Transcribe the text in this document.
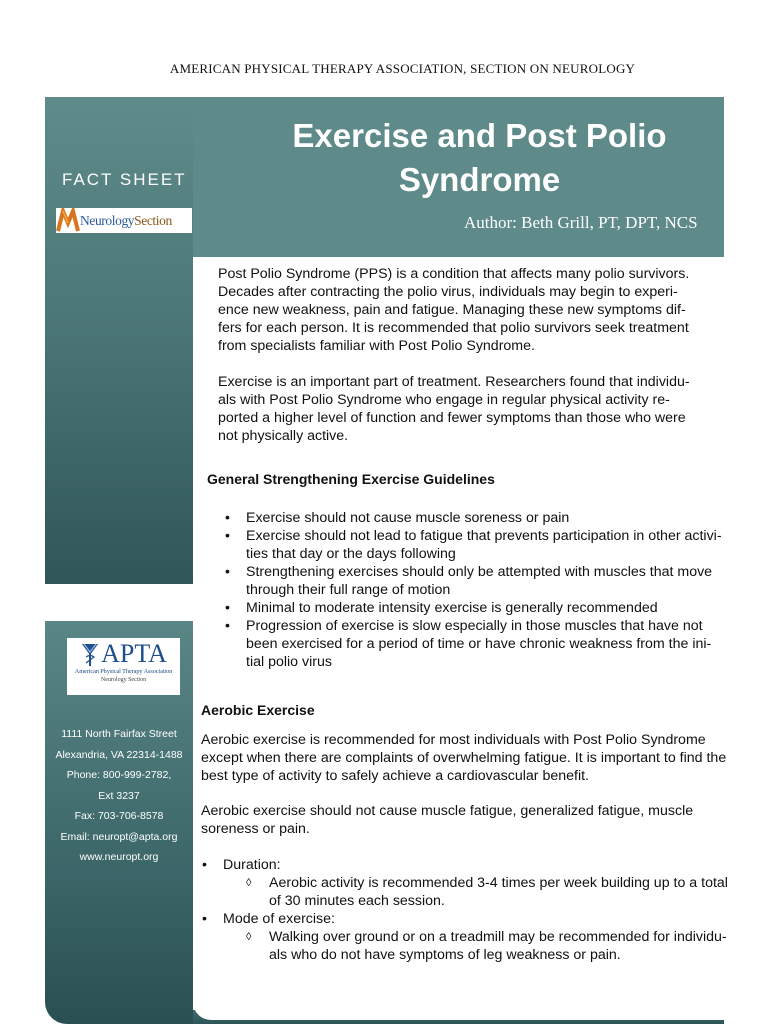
AMERICAN PHYSICAL THERAPY ASSOCIATION, SECTION ON NEUROLOGY
FACT SHEET
NeurologySection
Exercise and Post Polio
Syndrome
Author: Beth Grill, PT, DPT, NCS
APTA
American Physical Therapy Association
Neurology Section
1111 North Fairfax Street
Alexandria, VA 22314-1488
Phone: 800-999-2782,
Ext 3237
Fax: 703-706-8578
Email: neuropt@apta.org
www.neuropt.org

Post Polio Syndrome (PPS) is a condition that affects many polio survivors.

Decades after contracting the polio virus, individuals may begin to experi-

ence new weakness, pain and fatigue. Managing these new symptoms dif-

fers for each person. It is recommended that polio survivors seek treatment

from specialists familiar with Post Polio Syndrome.

Exercise is an important part of treatment. Researchers found that individu-

als with Post Polio Syndrome who engage in regular physical activity re-

ported a higher level of function and fewer symptoms than those who were

not physically active.

General Strengthening Exercise Guidelines
• Exercise should not cause muscle soreness or pain
• Exercise should not lead to fatigue that prevents participation in other activi-
ties that day or the days following
• Strengthening exercises should only be attempted with muscles that move
through their full range of motion
• Minimal to moderate intensity exercise is generally recommended
• Progression of exercise is slow especially in those muscles that have not
been exercised for a period of time or have chronic weakness from the ini-
tial polio virus
Aerobic Exercise

Aerobic exercise is recommended for most individuals with Post Polio Syndrome

except when there are complaints of overwhelming fatigue. It is important to find the

best type of activity to safely achieve a cardiovascular benefit.

Aerobic exercise should not cause muscle fatigue, generalized fatigue, muscle

soreness or pain.

• Duration:
◊ Aerobic activity is recommended 3-4 times per week building up to a total
of 30 minutes each session.
• Mode of exercise:
◊ Walking over ground or on a treadmill may be recommended for individu-
als who do not have symptoms of leg weakness or pain.
